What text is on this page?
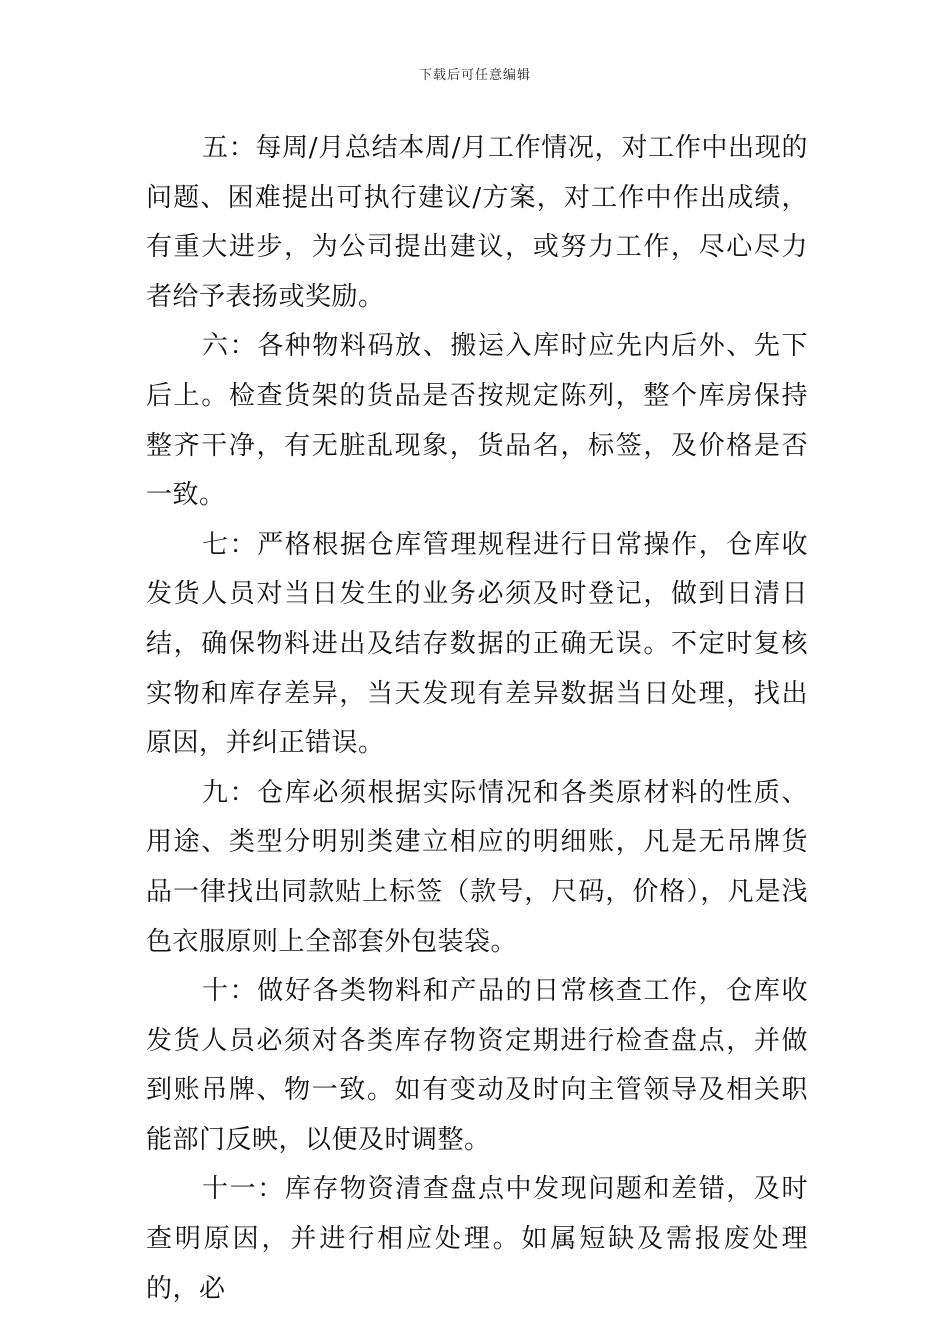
下载后可任意编辑

五：每周/月总结本周/月工作情况，对工作中出现的问题、困难提出可执行建议/方案，对工作中作出成绩，有重大进步，为公司提出建议，或努力工作，尽心尽力者给予表扬或奖励。

六：各种物料码放、搬运入库时应先内后外、先下后上。检查货架的货品是否按规定陈列，整个库房保持整齐干净，有无脏乱现象，货品名，标签，及价格是否一致。

七：严格根据仓库管理规程进行日常操作，仓库收发货人员对当日发生的业务必须及时登记，做到日清日结，确保物料进出及结存数据的正确无误。不定时复核实物和库存差异，当天发现有差异数据当日处理，找出原因，并纠正错误。

九：仓库必须根据实际情况和各类原材料的性质、用途、类型分明别类建立相应的明细账，凡是无吊牌货品一律找出同款贴上标签（款号，尺码，价格），凡是浅色衣服原则上全部套外包装袋。

十：做好各类物料和产品的日常核查工作，仓库收发货人员必须对各类库存物资定期进行检查盘点，并做到账吊牌、物一致。如有变动及时向主管领导及相关职能部门反映，以便及时调整。

十一：库存物资清查盘点中发现问题和差错，及时查明原因，并进行相应处理。如属短缺及需报废处理的，必
